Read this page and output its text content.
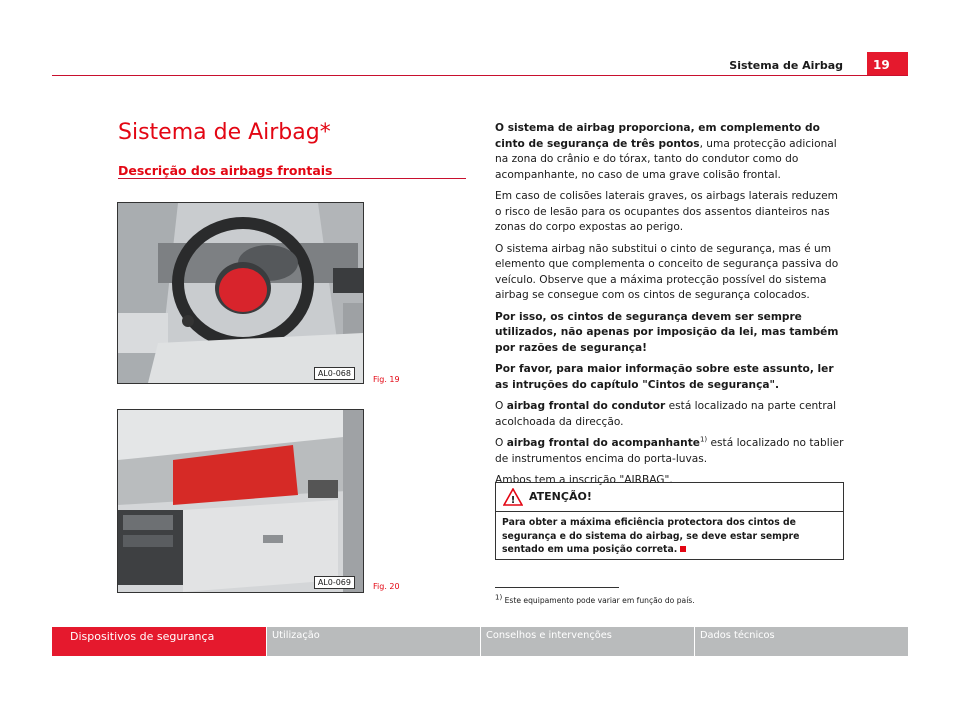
Sistema de Airbag	19
Sistema de Airbag*
Descrição dos airbags frontais
AL0-068
Fig. 19
AL0-069	Fig. 20

O sistema de airbag proporciona, em complemento do cinto de segurança de três pontos, uma protecção adicional na zona do crânio e do tórax, tanto do condutor como do acompanhante, no caso de uma grave colisão frontal.

Em caso de colisões laterais graves, os airbags laterais reduzem o risco de lesão para os ocupantes dos assentos dianteiros nas zonas do corpo expostas ao perigo.

O sistema airbag não substitui o cinto de segurança, mas é um elemento que complementa o conceito de segurança passiva do veículo. Observe que a máxima protecção possível do sistema airbag se consegue com os cintos de segurança colocados.

Por isso, os cintos de segurança devem ser sempre utilizados, não apenas por imposição da lei, mas também por razões de segurança!

Por favor, para maior informação sobre este assunto, ler as intruções do capítulo "Cintos de segurança".

O airbag frontal do condutor está localizado na parte central acolchoada da direcção.

O airbag frontal do acompanhante$^{1)}$ está localizado no tablier de instrumentos encima do porta-luvas.

Ambos tem a inscrição "AIRBAG".

! ATENÇÃO!
Para obter a máxima eficiência protectora dos cintos de segurança e do sistema do airbag, se deve estar sempre sentado em uma posição correta.
$^{1)}$ Este equipamento pode variar em função do país.
Dispositivos de segurança	Utilização	Conselhos e intervenções	Dados técnicos
